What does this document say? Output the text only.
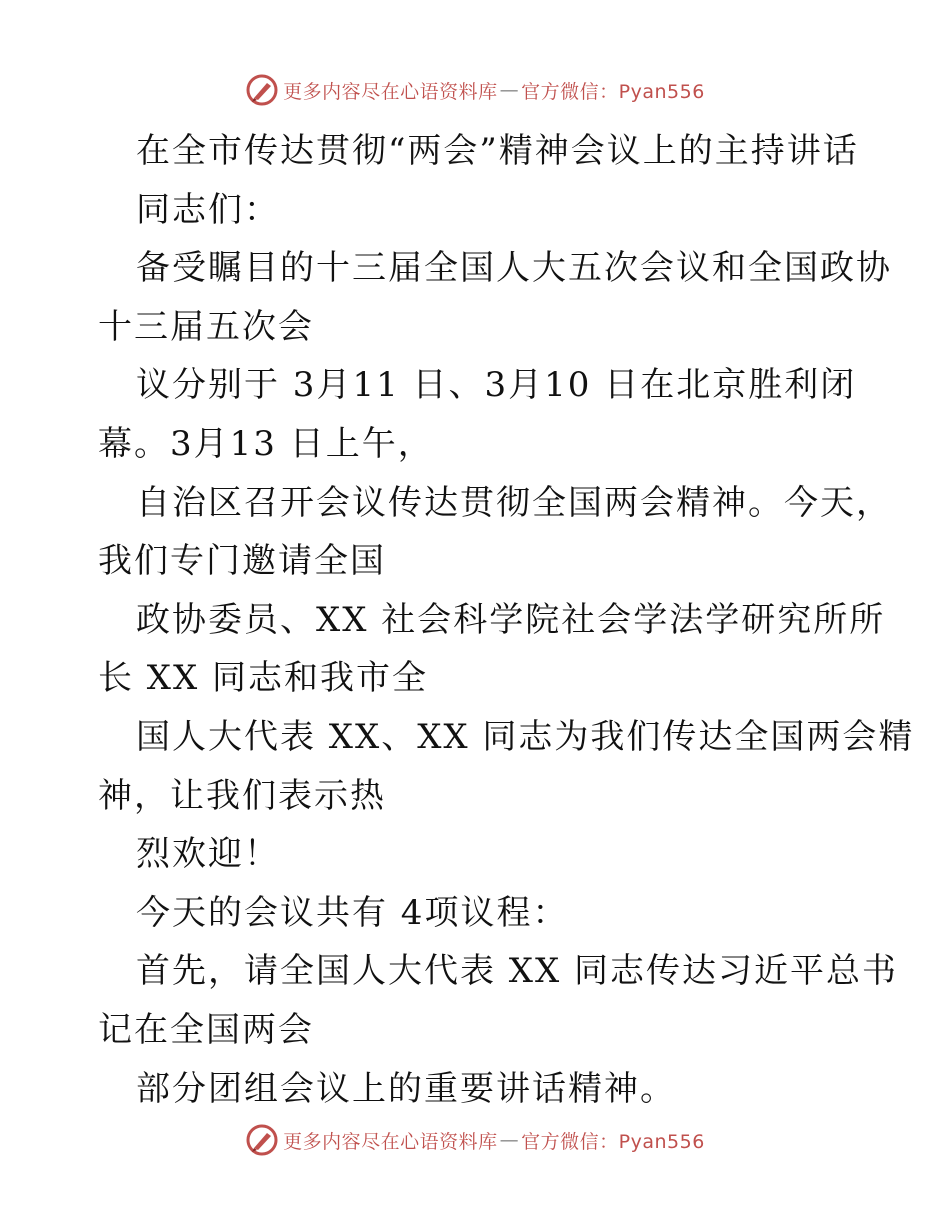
更多内容尽在心语资料库 — 官方微信：Pyan556
在全市传达贯彻“两会”精神会议上的主持讲话
同志们：
备受瞩目的十三届全国人大五次会议和全国政协
十三届五次会
议分别于 3月11 日、3月10 日在北京胜利闭
幕。3月13 日上午，
自治区召开会议传达贯彻全国两会精神。今天，
我们专门邀请全国
政协委员、XX 社会科学院社会学法学研究所所
长 XX 同志和我市全
国人大代表 XX、XX 同志为我们传达全国两会精
神，让我们表示热
烈欢迎！
今天的会议共有 4项议程：
首先，请全国人大代表 XX 同志传达习近平总书
记在全国两会
部分团组会议上的重要讲话精神。
更多内容尽在心语资料库 — 官方微信：Pyan556
